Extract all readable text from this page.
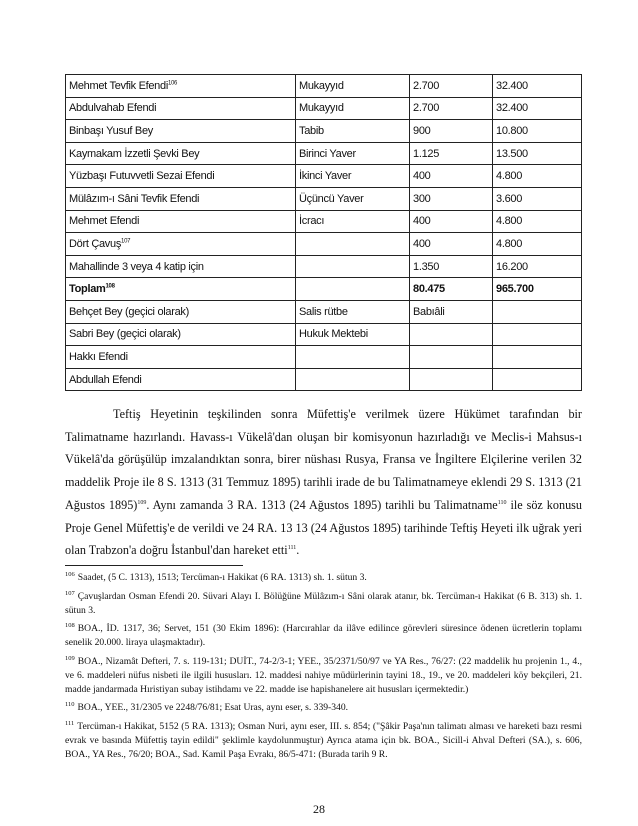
Mehmet Tevfik Efendi$^{106}$	Mukayyıd	2.700	32.400
Abdulvahab Efendi	Mukayyıd	2.700	32.400
Binbaşı Yusuf Bey	Tabib	900	10.800
Kaymakam İzzetli Şevki Bey	Birinci Yaver	1.125	13.500
Yüzbaşı Futuvvetli Sezai Efendi	İkinci Yaver	400	4.800
Mülâzım-ı Sâni Tevfik Efendi	Üçüncü Yaver	300	3.600
Mehmet Efendi	İcracı	400	4.800
Dört Çavuş$^{107}$		400	4.800
Mahallinde 3 veya 4 katip için		1.350	16.200
Toplam$^{108}$		80.475	965.700
Behçet Bey (geçici olarak)	Salis rütbe	Babıâli	
Sabri Bey (geçici olarak)	Hukuk Mektebi		
Hakkı Efendi			
Abdullah Efendi			

Teftiş Heyetinin teşkilinden sonra Müfettiş'e verilmek üzere Hükümet tarafından bir Talimatname hazırlandı. Havass-ı Vükelâ'dan oluşan bir komisyonun hazırladığı ve Meclis-i Mahsus-ı Vükelâ'da görüşülüp imzalandıktan sonra, birer nüshası Rusya, Fransa ve İngiltere Elçilerine verilen 32 maddelik Proje ile 8 S. 1313 (31 Temmuz 1895) tarihli irade de bu Talimatnameye eklendi 29 S. 1313 (21 Ağustos 1895)$^{109}$. Aynı zamanda 3 RA. 1313 (24 Ağustos 1895) tarihli bu Talimatname$^{110}$ ile söz konusu Proje Genel Müfettiş'e de verildi ve 24 RA. 13 13 (24 Ağustos 1895) tarihinde Teftiş Heyeti ilk uğrak yeri olan Trabzon'a doğru İstanbul'dan hareket etti$^{111}$.

$^{106}$ Saadet, (5 C. 1313), 1513; Tercüman-ı Hakikat (6 RA. 1313) sh. 1. sütun 3.

$^{107}$ Çavuşlardan Osman Efendi 20. Süvari Alayı I. Bölüğüne Mülâzım-ı Sâni olarak atanır, bk. Tercüman-ı Hakikat (6 B. 313) sh. 1. sütun 3.

$^{108}$ BOA., İD. 1317, 36; Servet, 151 (30 Ekim 1896): (Harcırahlar da ilâve edilince görevleri süresince ödenen ücretlerin toplamı senelik 20.000. liraya ulaşmaktadır).

$^{109}$ BOA., Nizamât Defteri, 7. s. 119-131; DUİT., 74-2/3-1; YEE., 35/2371/50/97 ve YA Res., 76/27: (22 maddelik hu projenin 1., 4., ve 6. maddeleri nüfus nisbeti ile ilgili hususları. 12. maddesi nahiye müdürlerinin tayini 18., 19., ve 20. maddeleri köy bekçileri, 21. madde jandarmada Hıristiyan subay istihdamı ve 22. madde ise hapishanelere ait hususları içermektedir.)

$^{110}$ BOA., YEE., 31/2305 ve 2248/76/81; Esat Uras, aynı eser, s. 339-340.

$^{111}$ Tercüman-ı Hakikat, 5152 (5 RA. 1313); Osman Nuri, aynı eser, III. s. 854; ("Şâkir Paşa'nın talimatı alması ve hareketi bazı resmi evrak ve basında Müfettiş tayin edildi" şeklimle kaydolunmuştur) Ayrıca atama için bk. BOA., Sicill-i Ahval Defteri (SA.), s. 606, BOA., YA Res., 76/20; BOA., Sad. Kamil Paşa Evrakı, 86/5-471: (Burada tarih 9 R.

28
